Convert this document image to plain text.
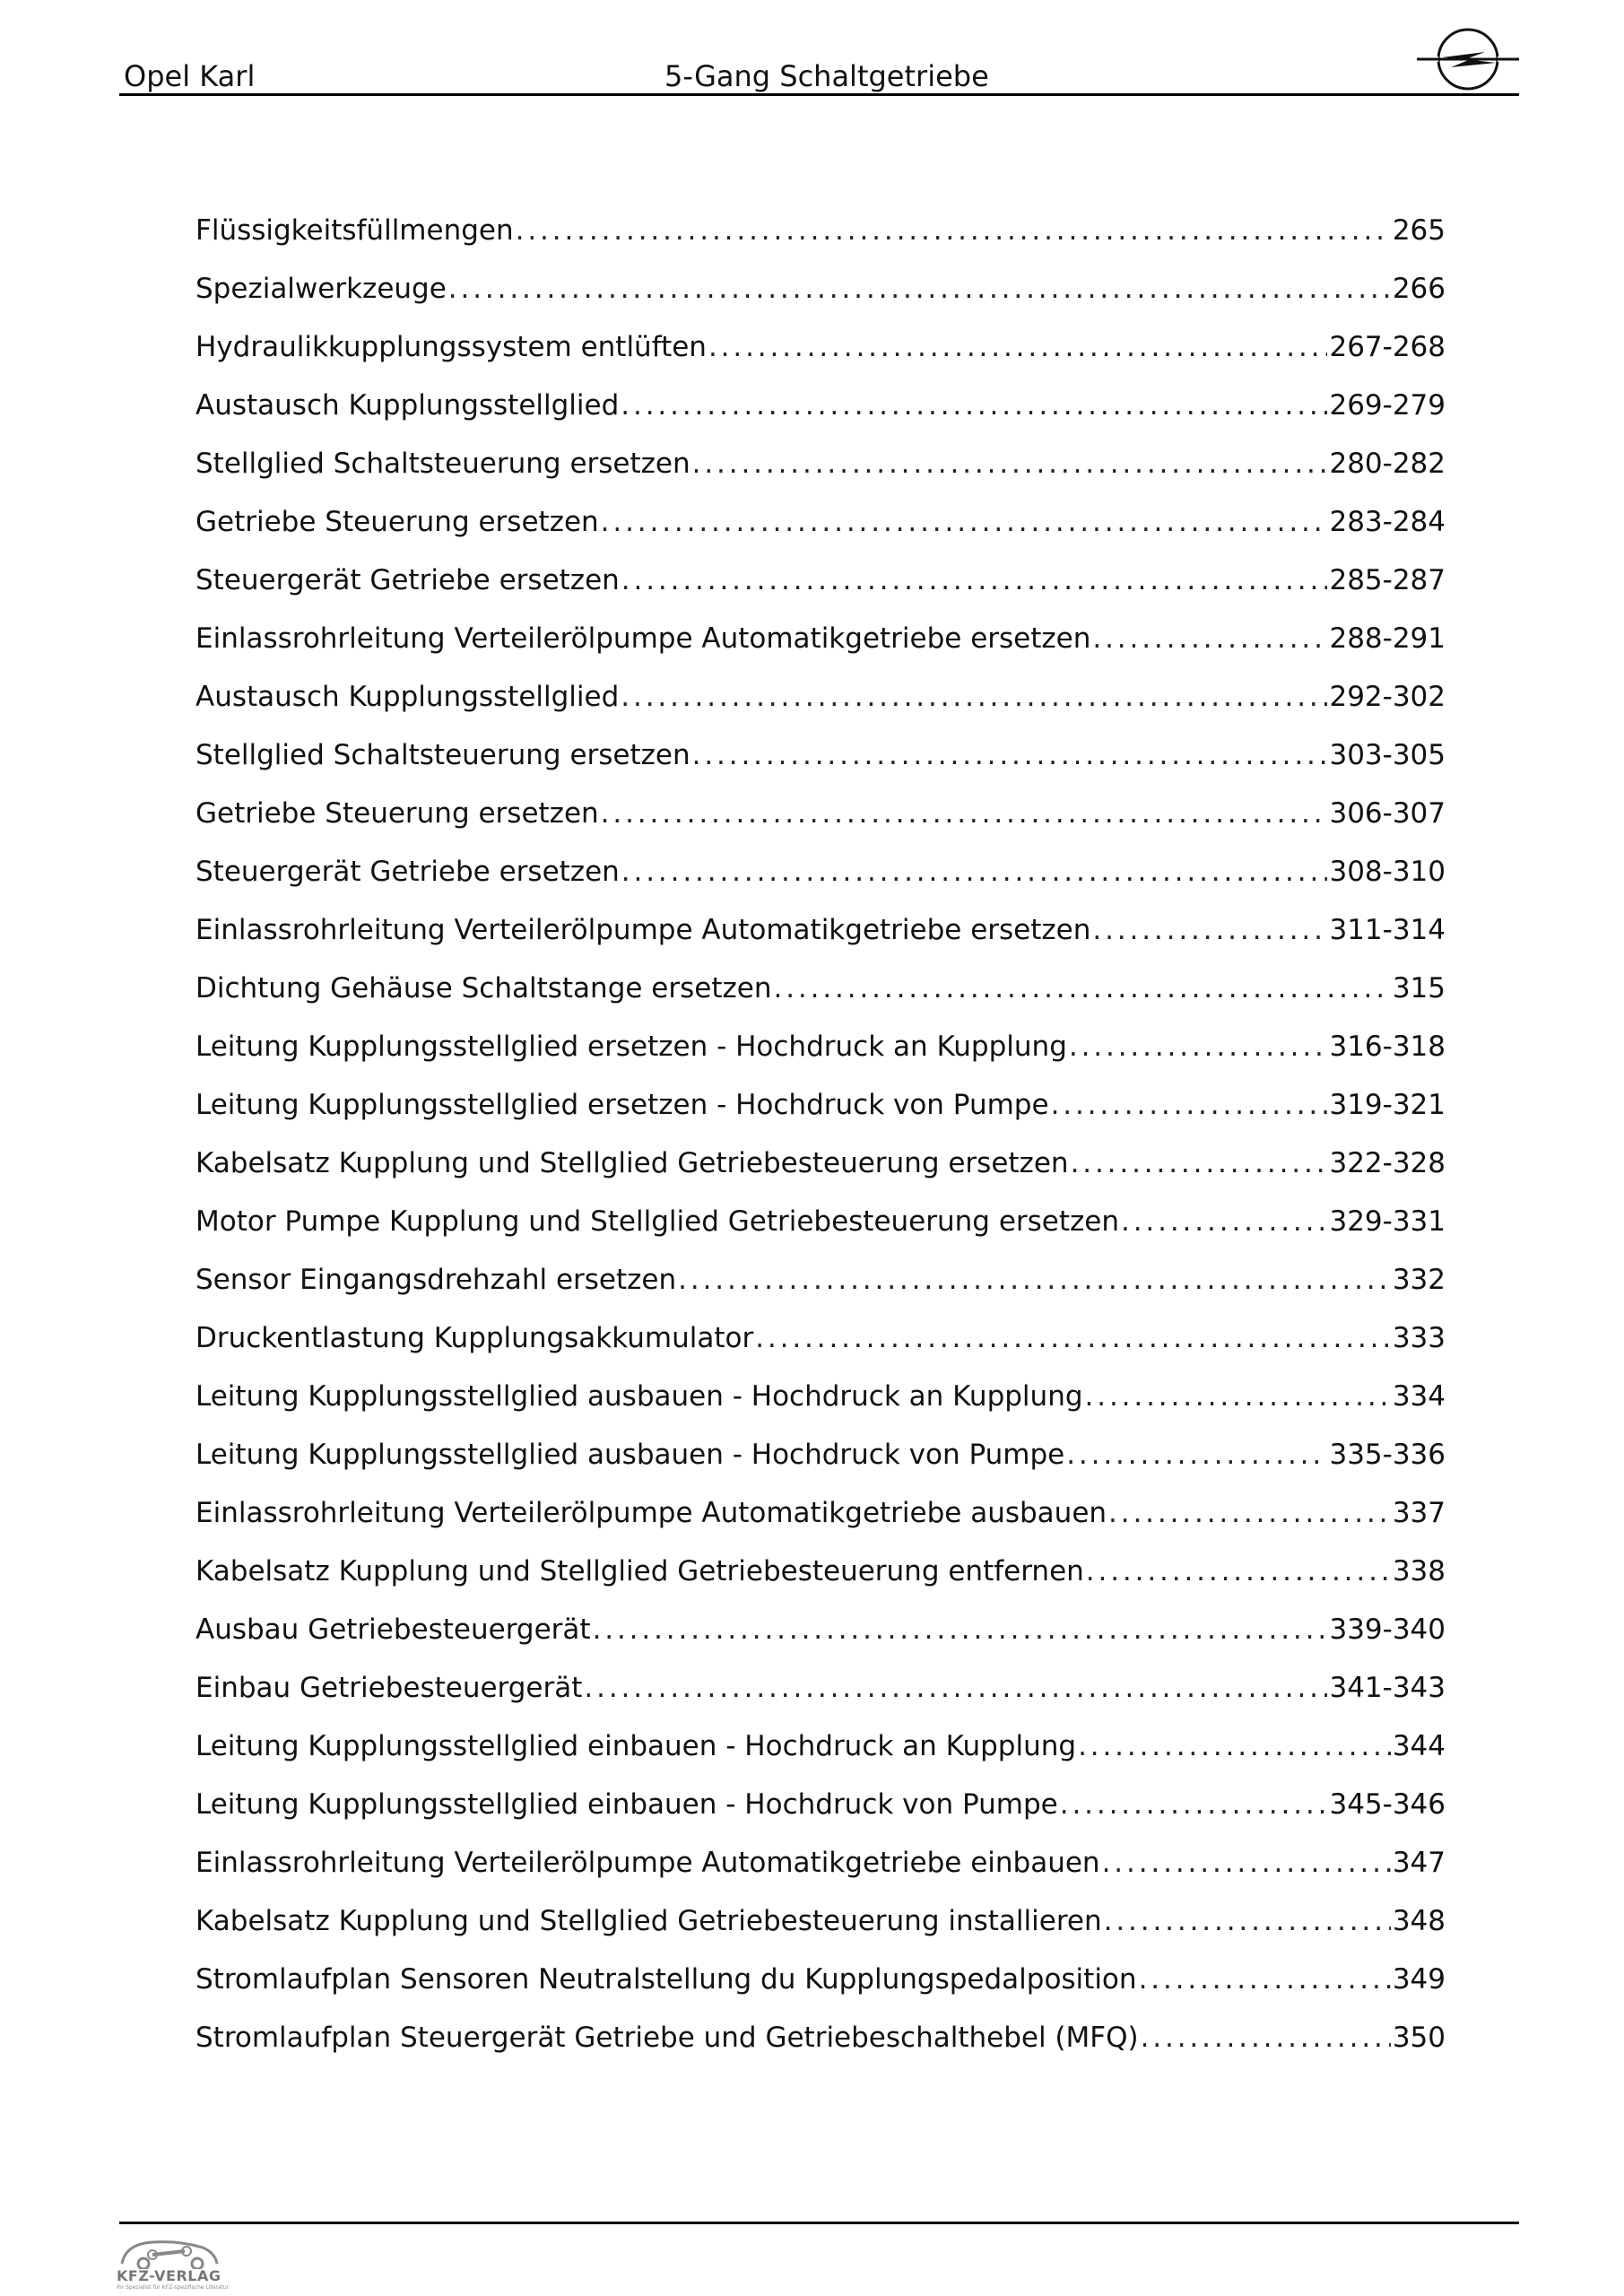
Opel Karl	5-Gang Schaltgetriebe
Flüssigkeitsfüllmengen . . .	265
Spezialwerkzeuge . . .	266
Hydraulikkupplungssystem entlüften . . .	267-268
Austausch Kupplungsstellglied . . .	269-279
Stellglied Schaltsteuerung ersetzen . . .	280-282
Getriebe Steuerung ersetzen . . .	283-284
Steuergerät Getriebe ersetzen . . .	285-287
Einlassrohrleitung Verteilerölpumpe Automatikgetriebe ersetzen . . .	288-291
Austausch Kupplungsstellglied . . .	292-302
Stellglied Schaltsteuerung ersetzen . . .	303-305
Getriebe Steuerung ersetzen . . .	306-307
Steuergerät Getriebe ersetzen . . .	308-310
Einlassrohrleitung Verteilerölpumpe Automatikgetriebe ersetzen . . .	311-314
Dichtung Gehäuse Schaltstange ersetzen . . .	315
Leitung Kupplungsstellglied ersetzen - Hochdruck an Kupplung . . .	316-318
Leitung Kupplungsstellglied ersetzen - Hochdruck von Pumpe . . .	319-321
Kabelsatz Kupplung und Stellglied Getriebesteuerung ersetzen . . .	322-328
Motor Pumpe Kupplung und Stellglied Getriebesteuerung ersetzen . . .	329-331
Sensor Eingangsdrehzahl ersetzen . . .	332
Druckentlastung Kupplungsakkumulator . . .	333
Leitung Kupplungsstellglied ausbauen - Hochdruck an Kupplung . . .	334
Leitung Kupplungsstellglied ausbauen - Hochdruck von Pumpe . . .	335-336
Einlassrohrleitung Verteilerölpumpe Automatikgetriebe ausbauen . . .	337
Kabelsatz Kupplung und Stellglied Getriebesteuerung entfernen . . .	338
Ausbau Getriebesteuergerät . . .	339-340
Einbau Getriebesteuergerät . . .	341-343
Leitung Kupplungsstellglied einbauen - Hochdruck an Kupplung . . .	344
Leitung Kupplungsstellglied einbauen - Hochdruck von Pumpe . . .	345-346
Einlassrohrleitung Verteilerölpumpe Automatikgetriebe einbauen . . .	347
Kabelsatz Kupplung und Stellglied Getriebesteuerung installieren . . .	348
Stromlaufplan Sensoren Neutralstellung du Kupplungspedalposition . . .	349
Stromlaufplan Steuergerät Getriebe und Getriebeschalthebel (MFQ) . . .	350
KFZ-VERLAG
Ihr Spezialist für KFZ-spezifische Literatur
